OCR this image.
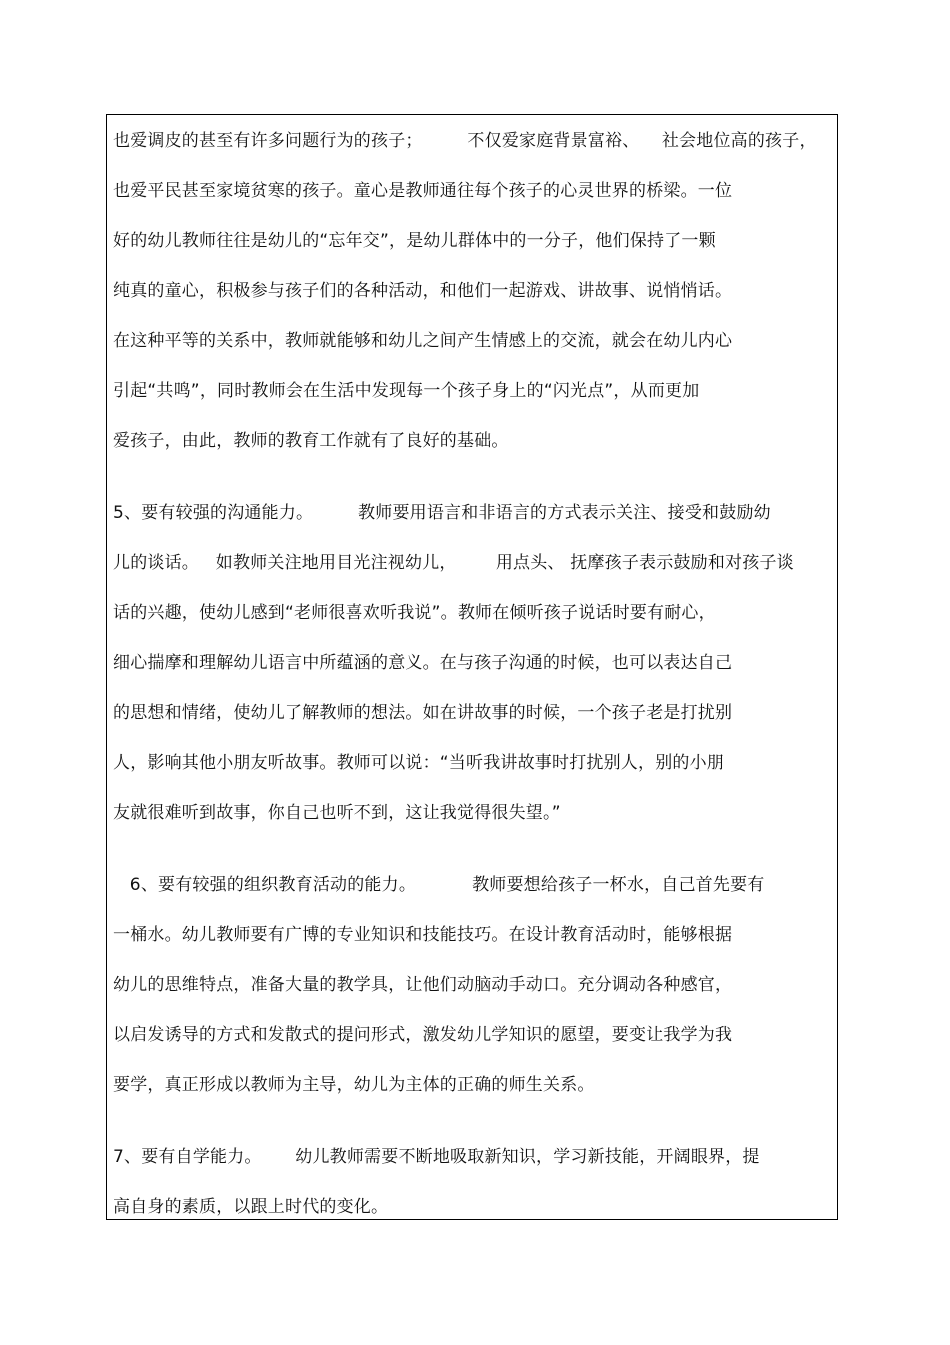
也爱调皮的甚至有许多问题行为的孩子；        不仅爱家庭背景富裕、    社会地位高的孩子，
也爱平民甚至家境贫寒的孩子。童心是教师通往每个孩子的心灵世界的桥梁。一位
好的幼儿教师往往是幼儿的“忘年交”，是幼儿群体中的一分子，他们保持了一颗
纯真的童心，积极参与孩子们的各种活动，和他们一起游戏、讲故事、说悄悄话。
在这种平等的关系中，教师就能够和幼儿之间产生情感上的交流，就会在幼儿内心
引起“共鸣”，同时教师会在生活中发现每一个孩子身上的“闪光点”，从而更加
爱孩子，由此，教师的教育工作就有了良好的基础。
5、要有较强的沟通能力。        教师要用语言和非语言的方式表示关注、接受和鼓励幼
儿的谈话。   如教师关注地用目光注视幼儿，       用点头、 抚摩孩子表示鼓励和对孩子谈
话的兴趣，使幼儿感到“老师很喜欢听我说”。教师在倾听孩子说话时要有耐心，
细心揣摩和理解幼儿语言中所蕴涵的意义。在与孩子沟通的时候，也可以表达自己
的思想和情绪，使幼儿了解教师的想法。如在讲故事的时候，一个孩子老是打扰别
人，影响其他小朋友听故事。教师可以说：“当听我讲故事时打扰别人，别的小朋
友就很难听到故事，你自己也听不到，这让我觉得很失望。”
6、要有较强的组织教育活动的能力。          教师要想给孩子一杯水，自己首先要有
一桶水。幼儿教师要有广博的专业知识和技能技巧。在设计教育活动时，能够根据
幼儿的思维特点，准备大量的教学具，让他们动脑动手动口。充分调动各种感官，
以启发诱导的方式和发散式的提问形式，激发幼儿学知识的愿望，要变让我学为我
要学，真正形成以教师为主导，幼儿为主体的正确的师生关系。
7、要有自学能力。      幼儿教师需要不断地吸取新知识，学习新技能，开阔眼界，提
高自身的素质，以跟上时代的变化。
